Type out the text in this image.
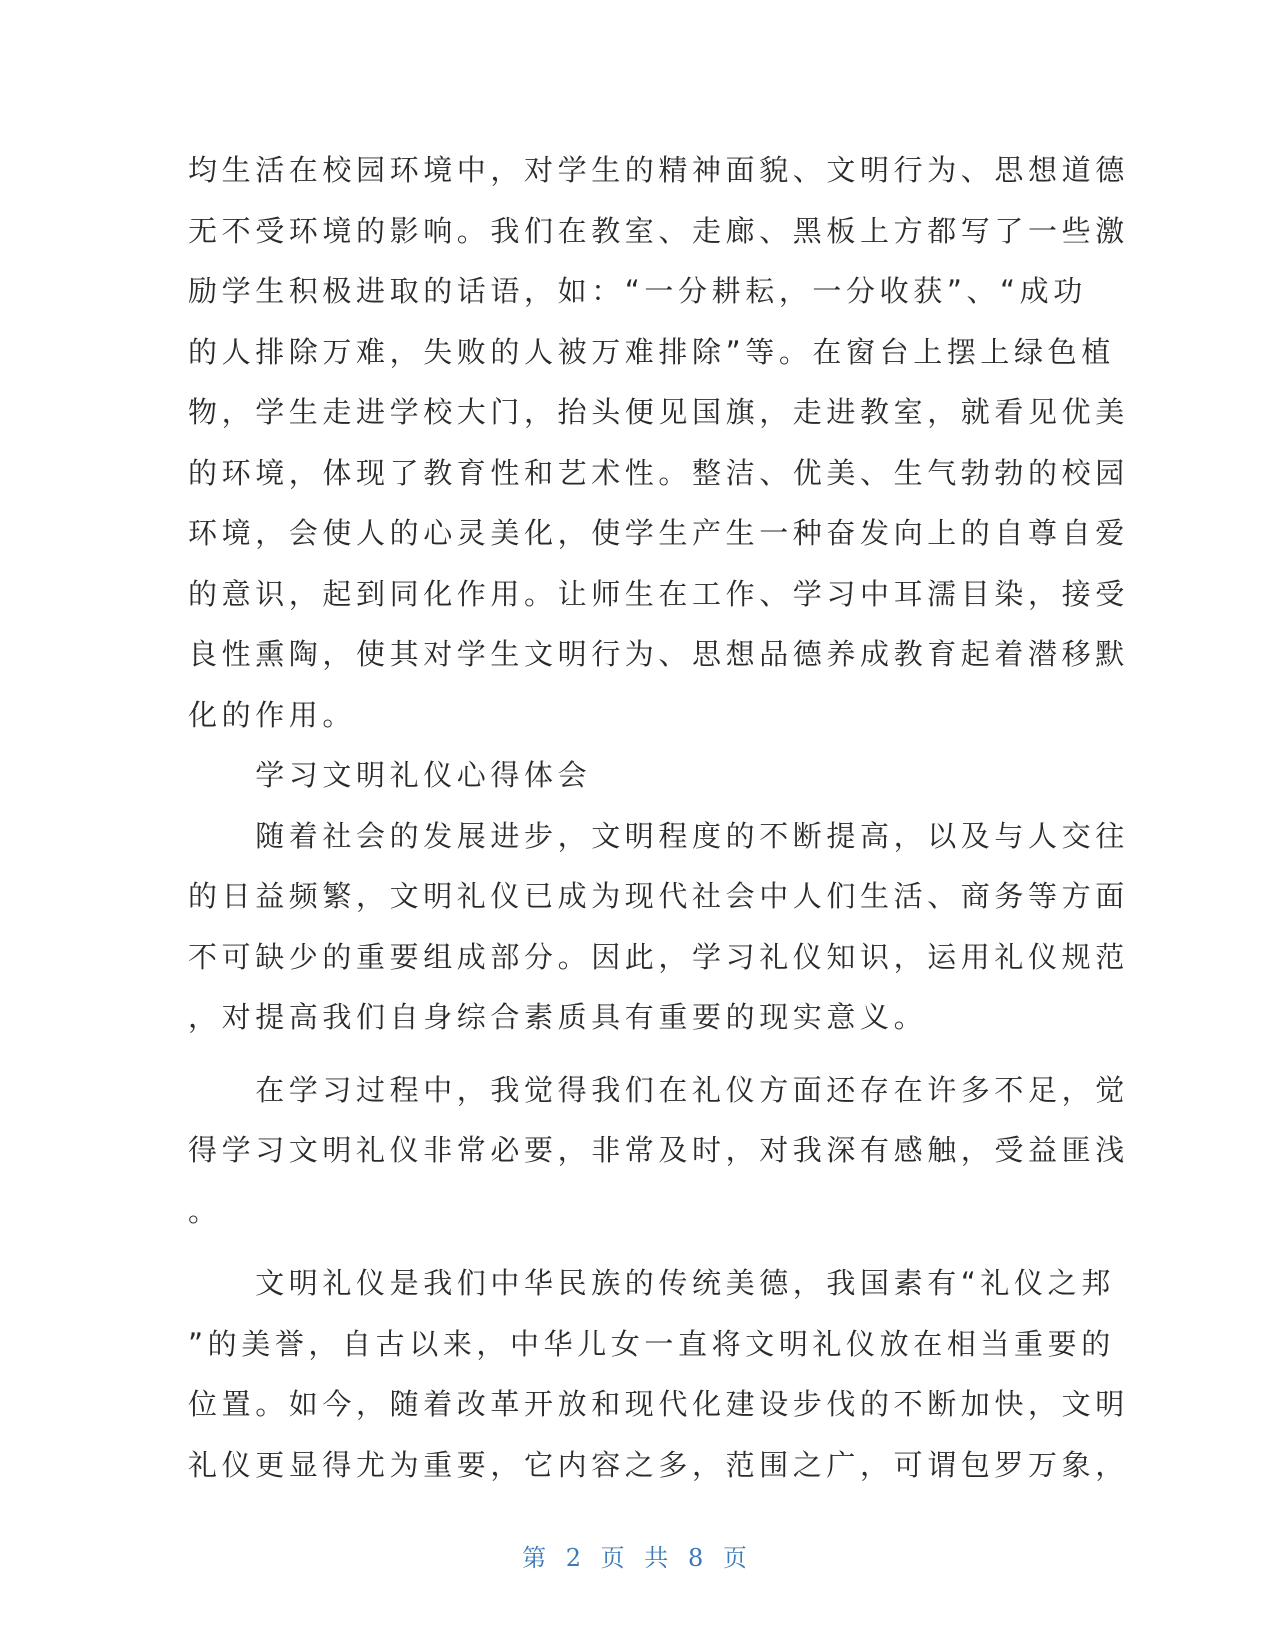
均生活在校园环境中，对学生的精神面貌、文明行为、思想道德
无不受环境的影响。我们在教室、走廊、黑板上方都写了一些激
励学生积极进取的话语，如：“一分耕耘，一分收获”、“成功
的人排除万难，失败的人被万难排除”等。在窗台上摆上绿色植
物，学生走进学校大门，抬头便见国旗，走进教室，就看见优美
的环境，体现了教育性和艺术性。整洁、优美、生气勃勃的校园
环境，会使人的心灵美化，使学生产生一种奋发向上的自尊自爱
的意识，起到同化作用。让师生在工作、学习中耳濡目染，接受
良性熏陶，使其对学生文明行为、思想品德养成教育起着潜移默
化的作用。
　　学习文明礼仪心得体会
　　随着社会的发展进步，文明程度的不断提高，以及与人交往
的日益频繁，文明礼仪已成为现代社会中人们生活、商务等方面
不可缺少的重要组成部分。因此，学习礼仪知识，运用礼仪规范
，对提高我们自身综合素质具有重要的现实意义。
　　在学习过程中，我觉得我们在礼仪方面还存在许多不足，觉
得学习文明礼仪非常必要，非常及时，对我深有感触，受益匪浅
。
　　文明礼仪是我们中华民族的传统美德，我国素有“礼仪之邦
”的美誉，自古以来，中华儿女一直将文明礼仪放在相当重要的
位置。如今，随着改革开放和现代化建设步伐的不断加快，文明
礼仪更显得尤为重要，它内容之多，范围之广，可谓包罗万象，
第 2 页 共 8 页
